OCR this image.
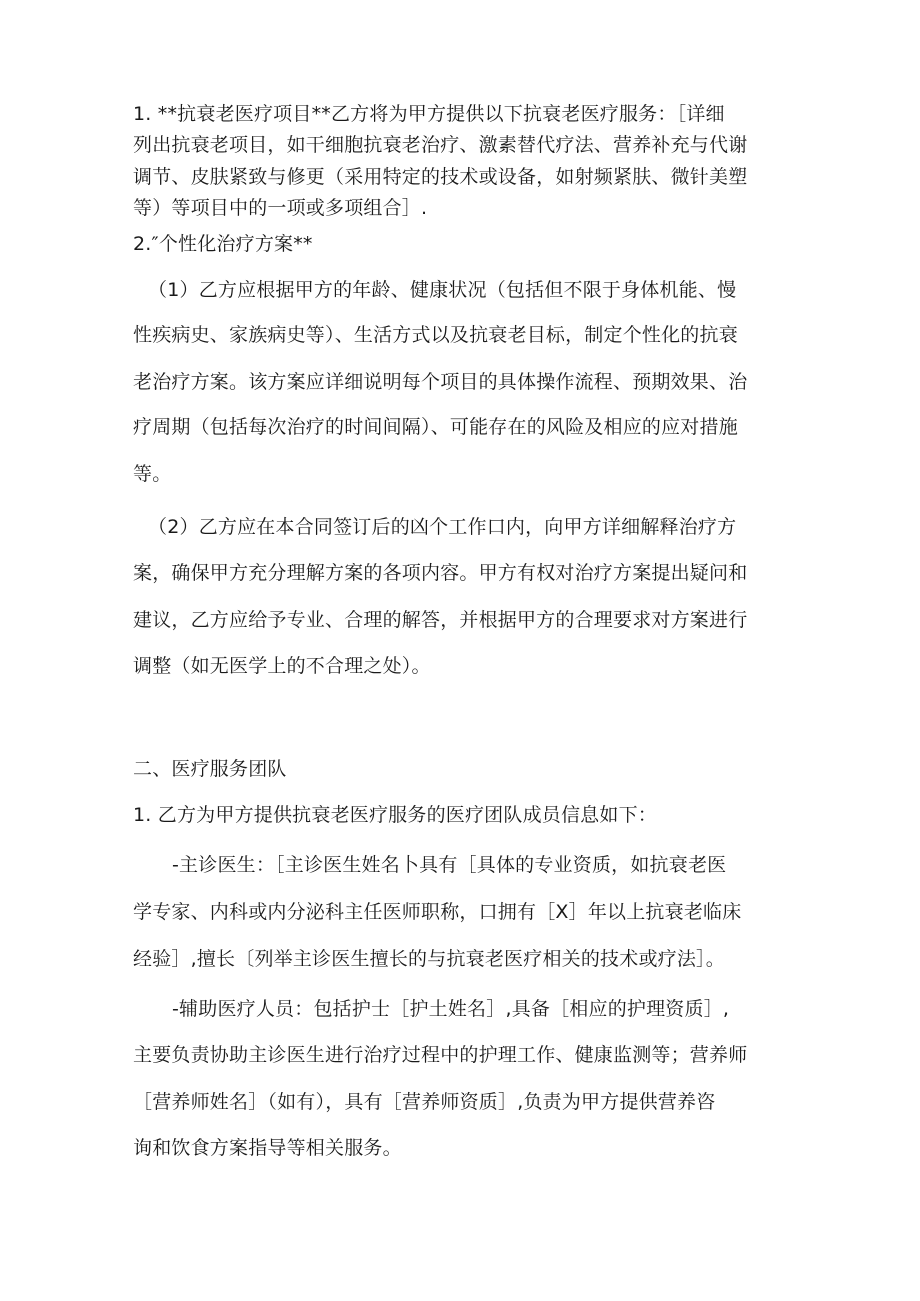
1. **抗衰老医疗项目**乙方将为甲方提供以下抗衰老医疗服务：［详细
列出抗衰老项目，如干细胞抗衰老治疗、激素替代疗法、营养补充与代谢
调节、皮肤紧致与修更（采用特定的技术或设备，如射频紧肤、微针美塑
等）等项目中的一项或多项组合］.
2.″个性化治疗方案**
（1）乙方应根据甲方的年龄、健康状况（包括但不限于身体机能、慢
性疾病史、家族病史等）、生活方式以及抗衰老目标，制定个性化的抗衰
老治疗方案。该方案应详细说明每个项目的具体操作流程、预期效果、治
疗周期（包括每次治疗的时间间隔）、可能存在的风险及相应的应对措施
等。
（2）乙方应在本合同签订后的凶个工作口内，向甲方详细解释治疗方
案，确保甲方充分理解方案的各项内容。甲方有权对治疗方案提出疑问和
建议，乙方应给予专业、合理的解答，并根据甲方的合理要求对方案进行
调整（如无医学上的不合理之处）。
二、医疗服务团队
1. 乙方为甲方提供抗衰老医疗服务的医疗团队成员信息如下：
-主诊医生：［主诊医生姓名卜具有［具体的专业资质，如抗衰老医
学专家、内科或内分泌科主任医师职称，口拥有［X］年以上抗衰老临床
经验］,擅长〔列举主诊医生擅长的与抗衰老医疗相关的技术或疗法］。
-辅助医疗人员：包括护士［护土姓名］,具备［相应的护理资质］,
主要负责协助主诊医生进行治疗过程中的护理工作、健康监测等；营养师
［营养师姓名］（如有），具有［营养师资质］,负责为甲方提供营养咨
询和饮食方案指导等相关服务。
